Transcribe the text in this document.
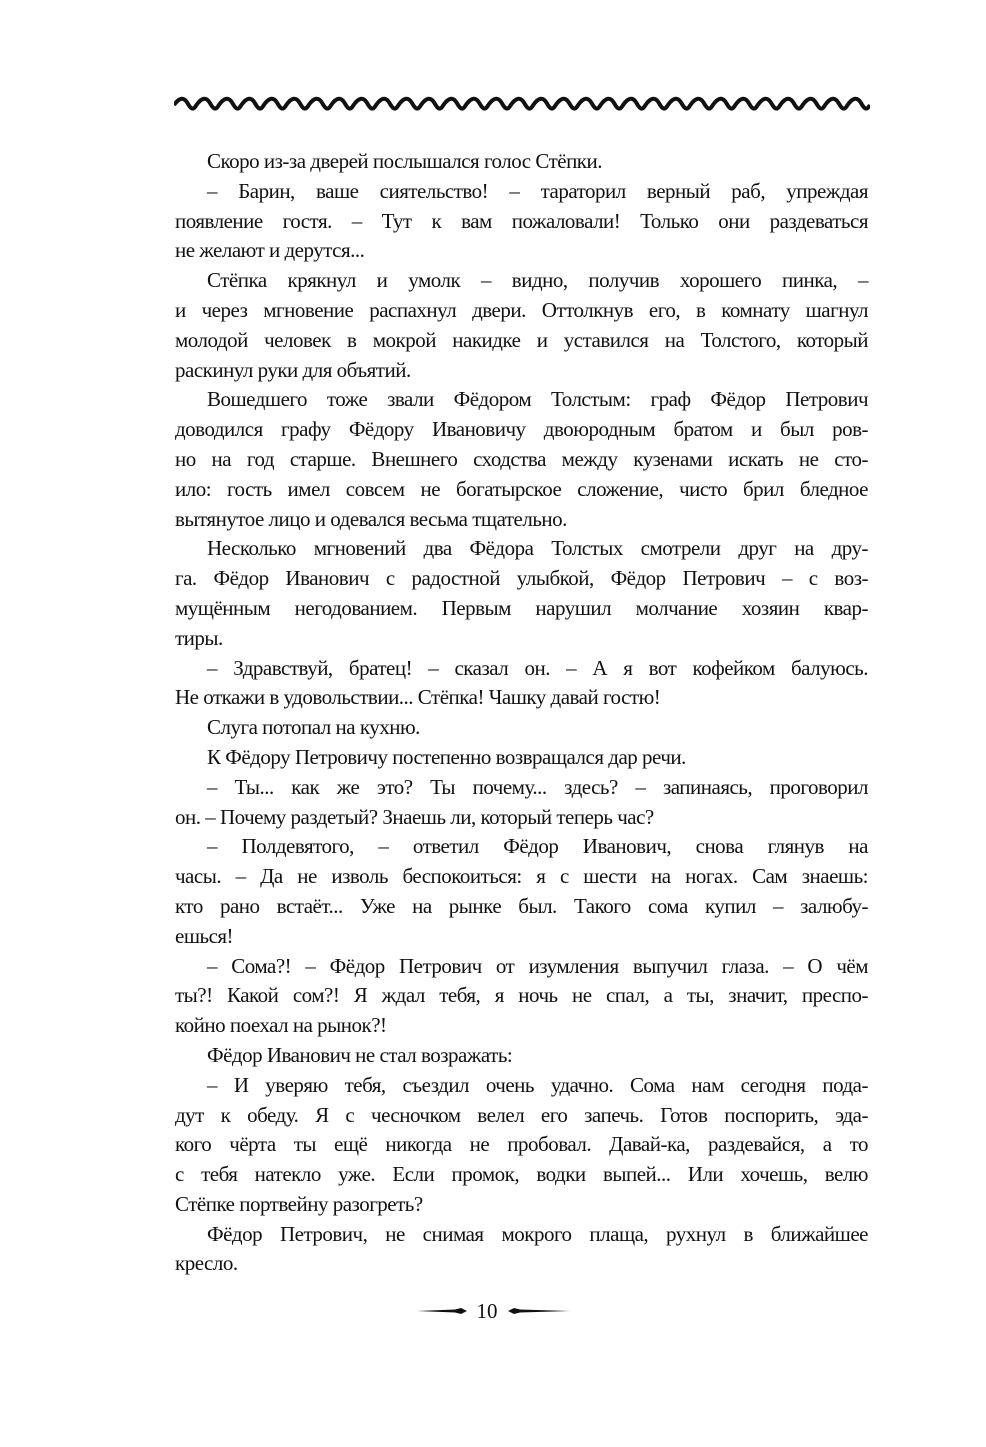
Скоро из-за дверей послышался голос Стёпки.
– Барин, ваше сиятельство! – тараторил верный раб, упреждая
появление гостя. – Тут к вам пожаловали! Только они раздеваться
не желают и дерутся...
Стёпка крякнул и умолк – видно, получив хорошего пинка, –
и через мгновение распахнул двери. Оттолкнув его, в комнату шагнул
молодой человек в мокрой накидке и уставился на Толстого, который
раскинул руки для объятий.
Вошедшего тоже звали Фёдором Толстым: граф Фёдор Петрович
доводился графу Фёдору Ивановичу двоюродным братом и был ров-
но на год старше. Внешнего сходства между кузенами искать не сто-
ило: гость имел совсем не богатырское сложение, чисто брил бледное
вытянутое лицо и одевался весьма тщательно.
Несколько мгновений два Фёдора Толстых смотрели друг на дру-
га. Фёдор Иванович с радостной улыбкой, Фёдор Петрович – с воз-
мущённым негодованием. Первым нарушил молчание хозяин квар-
тиры.
– Здравствуй, братец! – сказал он. – А я вот кофейком балуюсь.
Не откажи в удовольствии... Стёпка! Чашку давай гостю!
Слуга потопал на кухню.
К Фёдору Петровичу постепенно возвращался дар речи.
– Ты... как же это? Ты почему... здесь? – запинаясь, проговорил
он. – Почему раздетый? Знаешь ли, который теперь час?
– Полдевятого, – ответил Фёдор Иванович, снова глянув на
часы. – Да не изволь беспокоиться: я с шести на ногах. Сам знаешь:
кто рано встаёт... Уже на рынке был. Такого сома купил – залюбу-
ешься!
– Сома?! – Фёдор Петрович от изумления выпучил глаза. – О чём
ты?! Какой сом?! Я ждал тебя, я ночь не спал, а ты, значит, преспо-
койно поехал на рынок?!
Фёдор Иванович не стал возражать:
– И уверяю тебя, съездил очень удачно. Сома нам сегодня пода-
дут к обеду. Я с чесночком велел его запечь. Готов поспорить, эда-
кого чёрта ты ещё никогда не пробовал. Давай-ка, раздевайся, а то
с тебя натекло уже. Если промок, водки выпей... Или хочешь, велю
Стёпке портвейну разогреть?
Фёдор Петрович, не снимая мокрого плаща, рухнул в ближайшее
кресло.
10
